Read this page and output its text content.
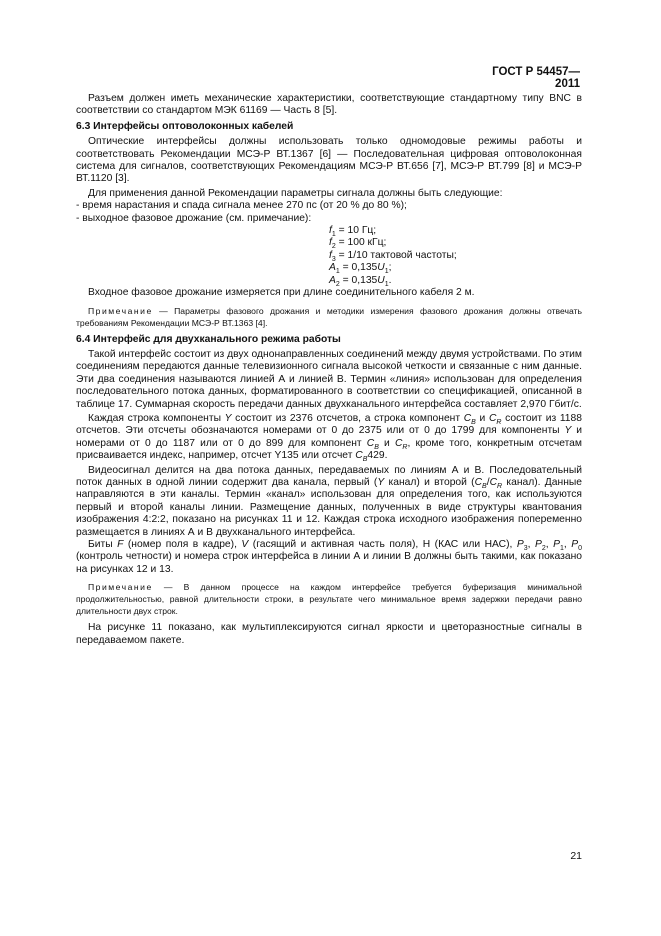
ГОСТ Р 54457—2011

Разъем должен иметь механические характеристики, соответствующие стандартному типу BNC в соответствии со стандартом МЭК 61169 — Часть 8 [5].

6.3 Интерфейсы оптоволоконных кабелей

Оптические интерфейсы должны использовать только одномодовые режимы работы и соответствовать Рекомендации МСЭ-Р ВТ.1367 [6] — Последовательная цифровая оптоволоконная система для сигналов, соответствующих Рекомендациям МСЭ-Р ВТ.656 [7], МСЭ-Р ВТ.799 [8] и МСЭ-Р ВТ.1120 [3].

Для применения данной Рекомендации параметры сигнала должны быть следующие:

- время нарастания и спада сигнала менее 270 пс (от 20 % до 80 %);

- выходное фазовое дрожание (см. примечание):

$f_1 = 10$ Гц;
$f_2 = 100$ кГц;
$f_3 = 1/10$ тактовой частоты;
$A_1 = 0,135U_1$;
$A_2 = 0,135U_1$.

Входное фазовое дрожание измеряется при длине соединительного кабеля 2 м.

Примечание — Параметры фазового дрожания и методики измерения фазового дрожания должны отвечать требованиям Рекомендации МСЭ-Р ВТ.1363 [4].

6.4 Интерфейс для двухканального режима работы

Такой интерфейс состоит из двух однонаправленных соединений между двумя устройствами. По этим соединениям передаются данные телевизионного сигнала высокой четкости и связанные с ним данные. Эти два соединения называются линией А и линией В. Термин «линия» использован для определения последовательного потока данных, форматированного в соответствии со спецификацией, описанной в таблице 17. Суммарная скорость передачи данных двухканального интерфейса составляет 2,970 Гбит/с.

Каждая строка компоненты Y состоит из 2376 отсчетов, а строка компонент $C_B$ и $C_R$ состоит из 1188 отсчетов. Эти отсчеты обозначаются номерами от 0 до 2375 или от 0 до 1799 для компоненты Y и номерами от 0 до 1187 или от 0 до 899 для компонент $C_B$ и $C_R$, кроме того, конкретным отсчетам присваивается индекс, например, отсчет Y135 или отсчет $C_B429$.

Видеосигнал делится на два потока данных, передаваемых по линиям А и В. Последовательный поток данных в одной линии содержит два канала, первый (Y канал) и второй ($C_B/C_R$ канал). Данные направляются в эти каналы. Термин «канал» использован для определения того, как используются первый и второй каналы линии. Размещение данных, полученных в виде структуры квантования изображения 4:2:2, показано на рисунках 11 и 12. Каждая строка исходного изображения попеременно размещается в линиях А и В двухканального интерфейса.

Биты F (номер поля в кадре), V (гасящий и активная часть поля), Н (КАС или НАС), $P_3$, $P_2$, $P_1$, $P_0$ (контроль четности) и номера строк интерфейса в линии А и линии В должны быть такими, как показано на рисунках 12 и 13.

Примечание — В данном процессе на каждом интерфейсе требуется буферизация минимальной продолжительностью, равной длительности строки, в результате чего минимальное время задержки передачи равно длительности двух строк.

На рисунке 11 показано, как мультиплексируются сигнал яркости и цветоразностные сигналы в передаваемом пакете.

21
